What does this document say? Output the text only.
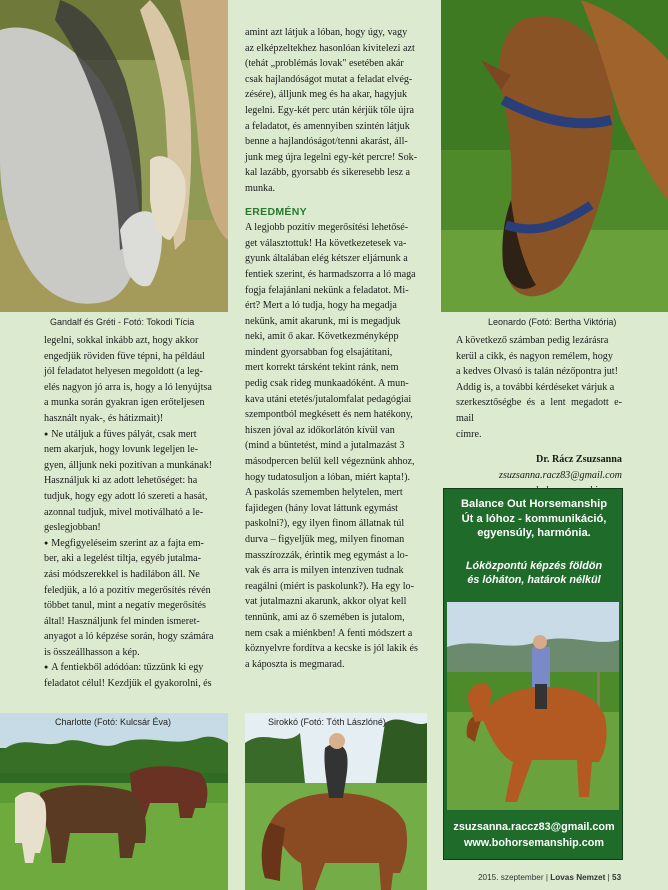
Gandalf és Gréti - Fotó: Tokodi Tícia	Leonardo (Fotó: Bertha Viktória)
Charlotte (Fotó: Kulcsár Éva)	Sirokkó (Fotó: Tóth Lászlóné)

legelni, sokkal inkább azt, hogy akkor

engedjük röviden füve tépni, ha például

jól feladatot helyesen megoldott (a leg-

elés nagyon jó arra is, hogy a ló lenyújtsa

a munka során gyakran igen erőteljesen

használt nyak-, és hátizmait)!

● Ne utáljuk a füves pályát, csak mert

nem akarjuk, hogy lovunk legeljen le-

gyen, álljunk neki pozitívan a munkának!

Használjuk ki az adott lehetőséget: ha

tudjuk, hogy egy adott ló szereti a hasát,

azonnal tudjuk, mivel motiválható a le-

geslegjobban!

● Megfigyeléseim szerint az a fajta em-

ber, aki a legelést tiltja, egyéb jutalma-

zási módszerekkel is hadilábon áll. Ne

feledjük, a ló a pozitív megerősítés révén

többet tanul, mint a negatív megerősítés

által! Használjunk fel minden ismeret-

anyagot a ló képzése során, hogy számára

is összeállhasson a kép.

● A fentiekből adódóan: tűzzünk ki egy

feladatot célul! Kezdjük el gyakorolni, és

amint azt látjuk a lóban, hogy úgy, vagy

az elképzeltekhez hasonlóan kivitelezi azt

(tehát „problémás lovak" esetében akár

csak hajlandóságot mutat a feladat elvég-

zésére), álljunk meg és ha akar, hagyjuk

legelni. Egy-két perc után kérjük töle újra

a feladatot, és amennyiben szintén látjuk

benne a hajlandóságot/tenni akarást, áll-

junk meg újra legelni egy-két percre! Sok-

kal lazább, gyorsabb és sikeresebb lesz a

munka.

EREDMÉNY

A legjobb pozitív megerősítési lehetősé-

get választottuk! Ha következetesek va-

gyunk általában elég kétszer eljárnunk a

fentiek szerint, és harmadszorra a ló maga

fogja felajánlani nekünk a feladatot. Mi-

ért? Mert a ló tudja, hogy ha megadja

nekünk, amit akarunk, mi is megadjuk

neki, amit ő akar. Következményképp

mindent gyorsabban fog elsajátítani,

mert korrekt társként tekint ránk, nem

pedig csak rideg munkaadóként. A mun-

kava utáni etetés/jutalomfalat pedagógiai

szempontból megkésett és nem hatékony,

hiszen jóval az időkorlátón kívül van

(mind a büntetést, mind a jutalmazást 3

másodpercen belül kell végeznünk ahhoz,

hogy tudatosuljon a lóban, miért kapta!).

A paskolás szememben helytelen, mert

fajidegen (hány lovat láttunk egymást

paskolni?), egy ilyen finom állatnak túl

durva – figyeljük meg, milyen finoman

masszírozzák, érintik meg egymást a lo-

vak és arra is milyen intenzíven tudnak

reagálni (miért is paskolunk?). Ha egy lo-

vat jutalmazni akarunk, akkor olyat kell

tennünk, ami az ő szemében is jutalom,

nem csak a miénkben! A fenti módszert a

köznyelvre fordítva a kecske is jól lakik és

a káposzta is megmarad.

A következő számban pedig lezárásra

kerül a cikk, és nagyon remélem, hogy

a kedves Olvasó is talán nézőpontra jut!

Addig is, a további kérdéseket várjuk a

szerkesztőségbe és a lent megadott e-mail

címre.

Dr. Rácz Zsuzsanna

zsuzsanna.racz83@gmail.com

Balance Out Horsemanship
Út a lóhoz - kommunikáció,
egyensúly, harmónia.
Lóközpontú képzés földön
és lóháton, határok nélkül
zsuzsanna.raccz83@gmail.com
www.bohorsemanship.com
2015. szeptember | Lovas Nemzet | 53
